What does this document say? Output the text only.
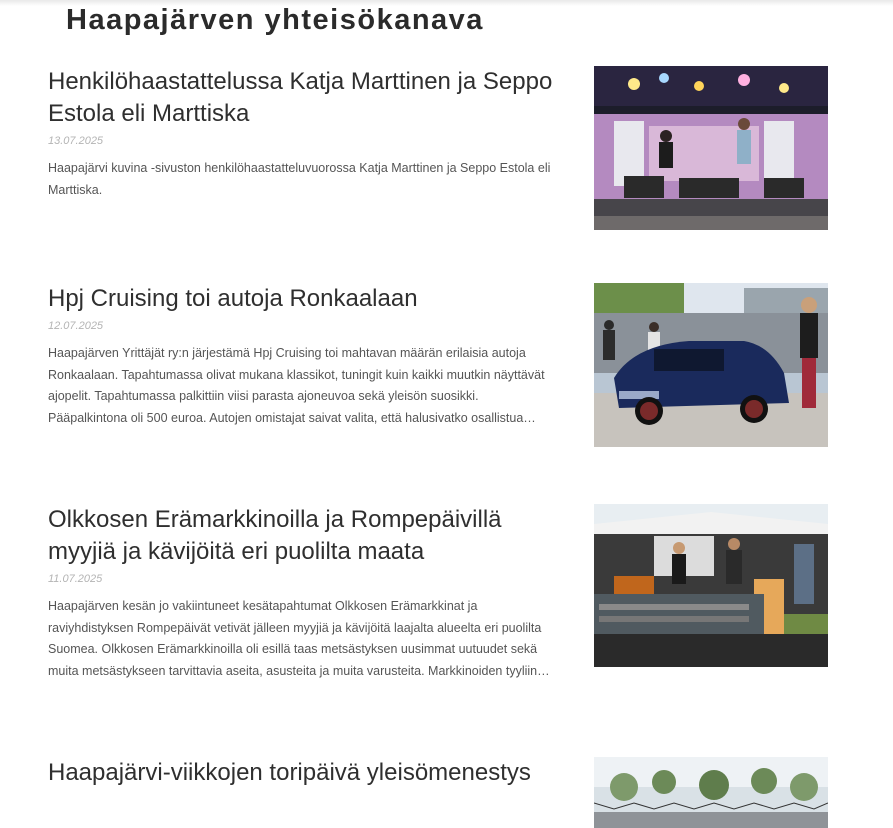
Haapajärven yhteisökanava
Henkilöhaastattelussa Katja Marttinen ja Seppo Estola eli Marttiska
13.07.2025
Haapajärvi kuvina -sivuston henkilöhaastatteluvuorossa Katja Marttinen ja Seppo Estola eli Marttiska.
Hpj Cruising toi autoja Ronkaalaan
12.07.2025
Haapajärven Yrittäjät ry:n järjestämä Hpj Cruising toi mahtavan määrän erilaisia autoja Ronkaalaan. Tapahtumassa olivat mukana klassikot, tuningit kuin kaikki muutkin näyttävät ajopelit. Tapahtumassa palkittiin viisi parasta ajoneuvoa sekä yleisön suosikki. Pääpalkintona oli 500 euroa. Autojen omistajat saivat valita, että halusivatko osallistua…
Olkkosen Erämarkkinoilla ja Rompepäivillä myyjiä ja kävijöitä eri puolilta maata
11.07.2025
Haapajärven kesän jo vakiintuneet kesätapahtumat Olkkosen Erämarkkinat ja raviyhdistyksen Rompepäivät vetivät jälleen myyjiä ja kävijöitä laajalta alueelta eri puolilta Suomea. Olkkosen Erämarkkinoilla oli esillä taas metsästyksen uusimmat uutuudet sekä muita metsästykseen tarvittavia aseita, asusteita ja muita varusteita. Markkinoiden tyyliin…
Haapajärvi-viikkojen toripäivä yleisömenestys
